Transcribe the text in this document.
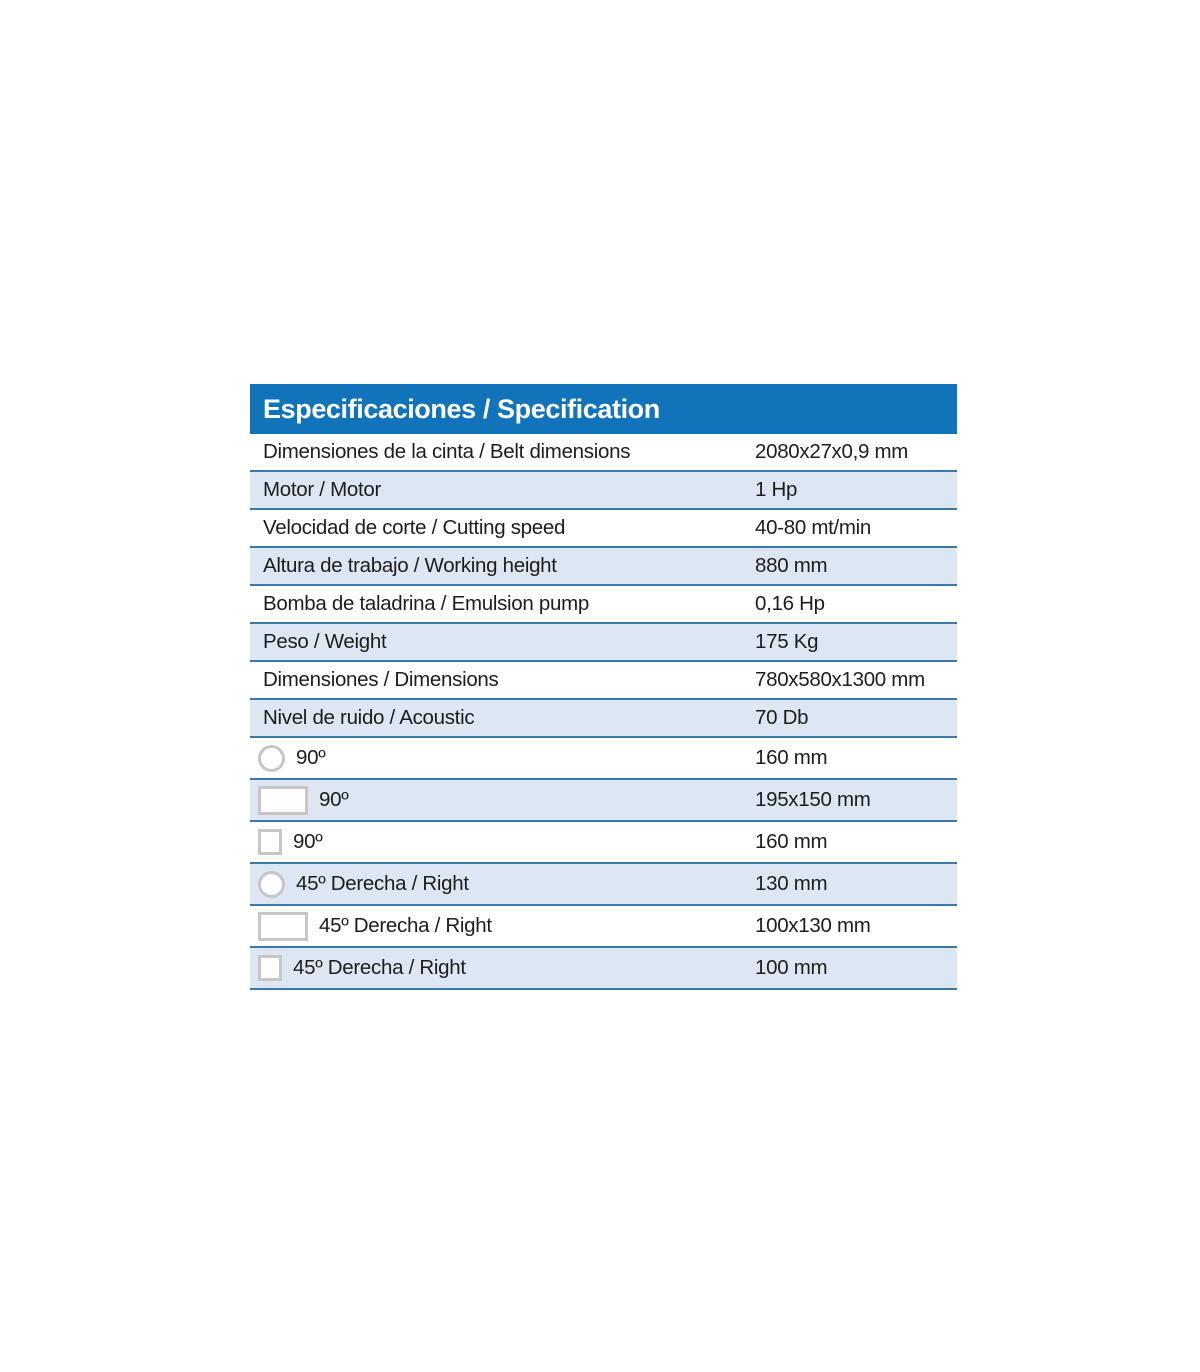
Especificaciones / Specification
Dimensiones de la cinta / Belt dimensions	2080x27x0,9 mm
Motor / Motor	1 Hp
Velocidad de corte / Cutting speed	40-80 mt/min
Altura de trabajo / Working height	880 mm
Bomba de taladrina / Emulsion pump	0,16 Hp
Peso / Weight	175 Kg
Dimensiones / Dimensions	780x580x1300 mm
Nivel de ruido / Acoustic	70 Db
90º	160 mm
90º	195x150 mm
90º	160 mm
45º Derecha / Right	130 mm
45º Derecha / Right	100x130 mm
45º Derecha / Right	100 mm
